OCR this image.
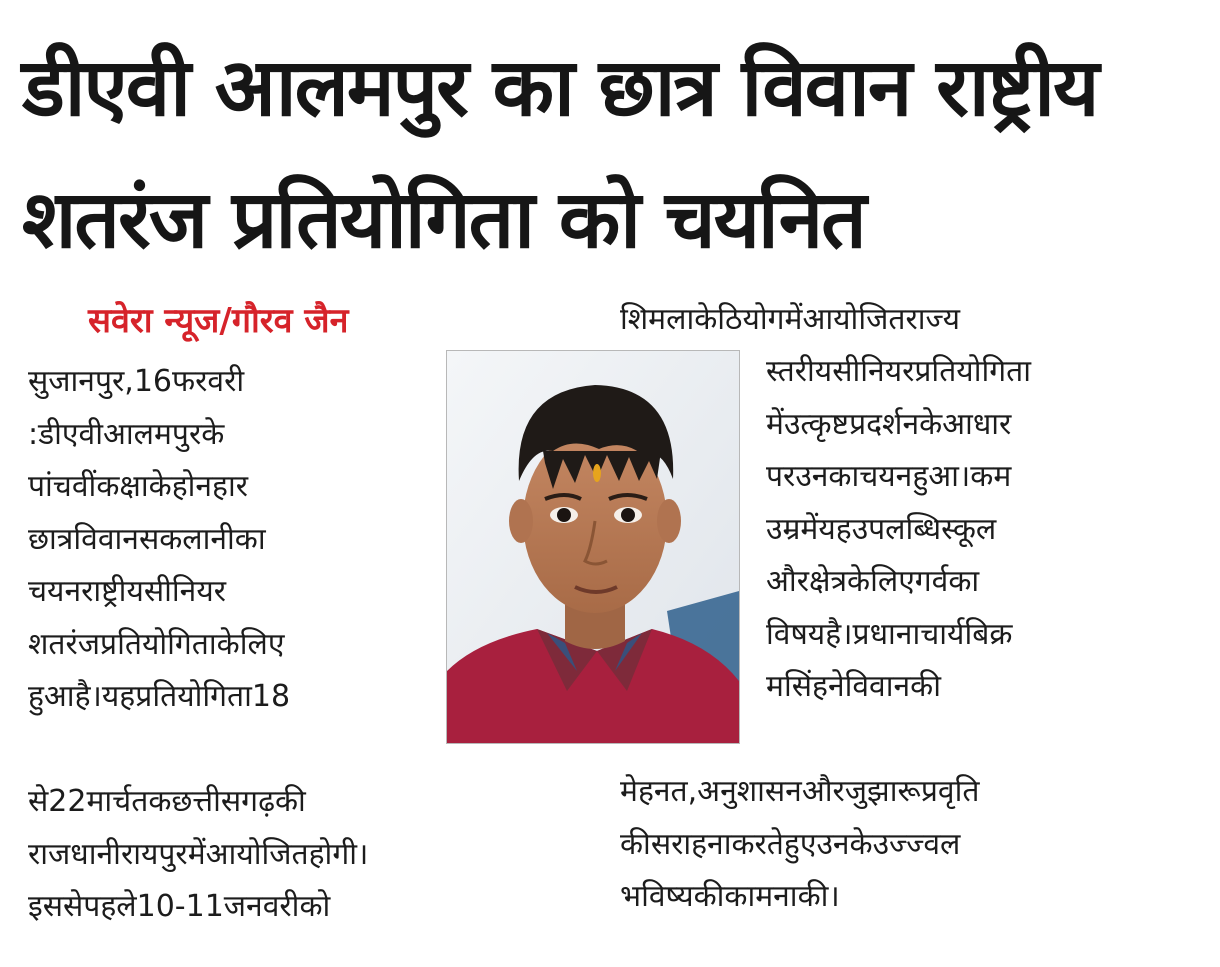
डीएवी आलमपुर का छात्र विवान राष्ट्रीय
शतरंज प्रतियोगिता को चयनित
सवेरा न्यूज/गौरव जैन
सुजानपुर,16फरवरी
:डीएवीआलमपुरके
पांचवींकक्षाकेहोनहार
छात्रविवानसकलानीका
चयनराष्ट्रीयसीनियर
शतरंजप्रतियोगिताकेलिए
हुआहै।यहप्रतियोगिता18
से22मार्चतकछत्तीसगढ़की
राजधानीरायपुरमेंआयोजितहोगी।
इससेपहले10-11जनवरीको
शिमलाकेठियोगमेंआयोजितराज्य
स्तरीयसीनियरप्रतियोगिता
मेंउत्कृष्टप्रदर्शनकेआधार
परउनकाचयनहुआ।कम
उम्रमेंयहउपलब्धिस्कूल
औरक्षेत्रकेलिएगर्वका
विषयहै।प्रधानाचार्यबिक्र
मसिंहनेविवानकी
मेहनत,अनुशासनऔरजुझारूप्रवृति
कीसराहनाकरतेहुएउनकेउज्ज्वल
भविष्यकीकामनाकी।
